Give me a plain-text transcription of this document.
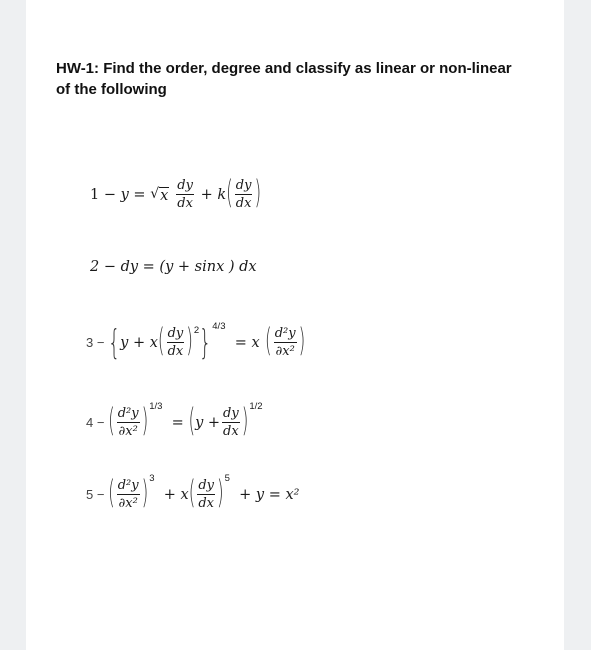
HW-1: Find the order, degree and classify as linear or non-linear of the following
1 − y = √ x $\frac{dy}{dx} + k$ ( $\frac{dy}{dx}$ )
2 − dy = (y + sinx ) dx
3 − { y + x ( $\frac{dy}{dx}$ ) 2 } 4/3
= x ( $\frac{\text{d²y}}{\text{∂x²}}$ )
4 − ( $\frac{\text{d²y}}{\text{∂x²}}$ ) 1/3
= ( $y + \frac{dy}{dx}$ ) 1/2
5 − ( $\frac{\text{d²y}}{\text{∂x²}}$ ) 3
+ x ( $\frac{dy}{dx}$ ) 5

+ y = x²
